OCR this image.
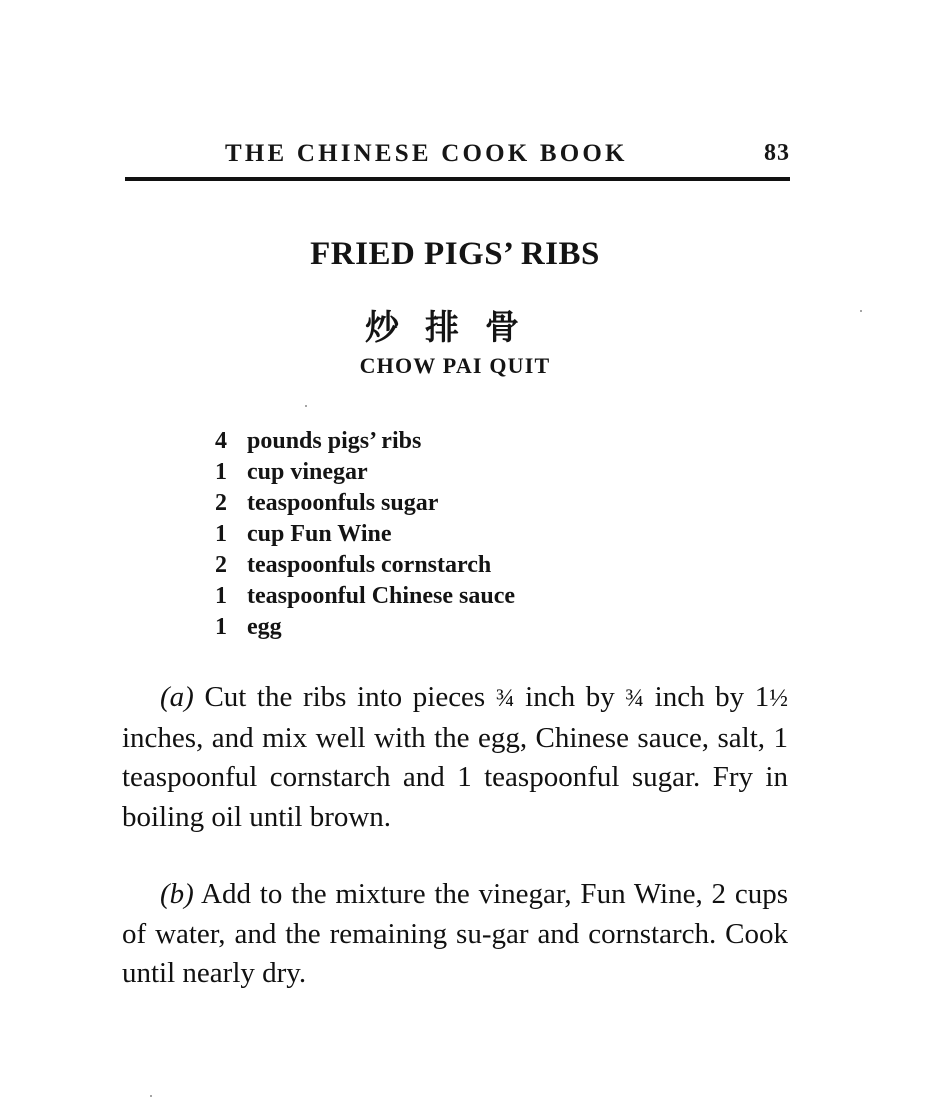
THE CHINESE COOK BOOK	83
FRIED PIGS’ RIBS
炒排骨
CHOW PAI QUIT
4 pounds pigs’ ribs
1 cup vinegar
2 teaspoonfuls sugar
1 cup Fun Wine
2 teaspoonfuls cornstarch
1 teaspoonful Chinese sauce
1 egg

(a) Cut the ribs into pieces ¾ inch by ¾ inch by 1½ inches, and mix well with the egg, Chinese sauce, salt, 1 teaspoonful cornstarch and 1 teaspoonful sugar. Fry in boiling oil until brown.

(b) Add to the mixture the vinegar, Fun Wine, 2 cups of water, and the remaining su-gar and cornstarch. Cook until nearly dry.
